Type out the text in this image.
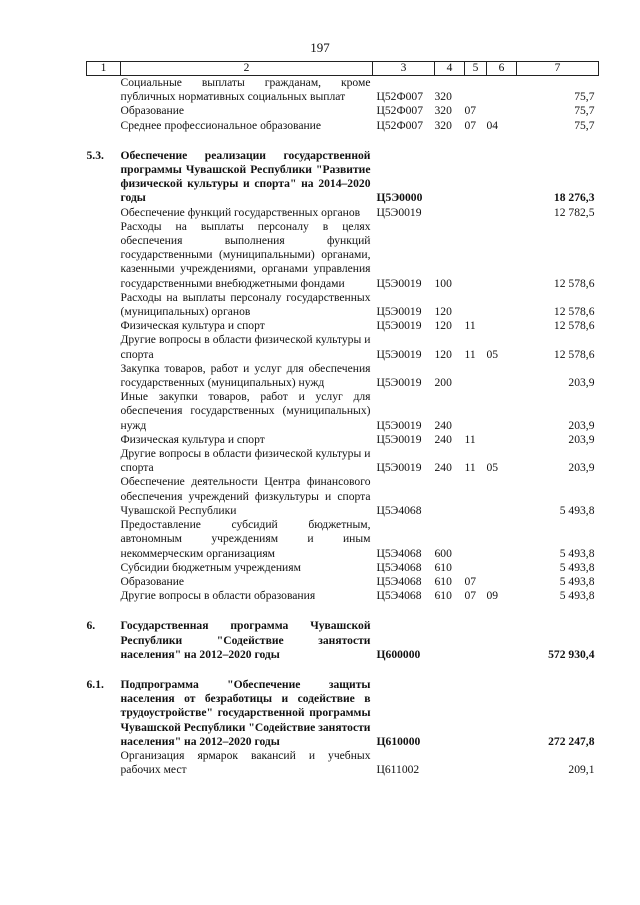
197
1	2	3	4	5	6	7
	Социальные выплаты гражданам, кроме публичных нормативных социальных выплат	Ц52Ф007	320			75,7
	Образование	Ц52Ф007	320	07		75,7
	Среднее профессиональное образование	Ц52Ф007	320	07	04	75,7

5.3.	Обеспечение реализации государственной программы Чувашской Республики "Развитие физической культуры и спорта" на 2014–2020 годы	Ц5Э0000				18 276,3
	Обеспечение функций государственных органов	Ц5Э0019				12 782,5
	Расходы на выплаты персоналу в целях обеспечения выполнения функций государственными (муниципальными) органами, казенными учреждениями, органами управления государственными внебюджетными фондами	Ц5Э0019	100			12 578,6
	Расходы на выплаты персоналу государственных (муниципальных) органов	Ц5Э0019	120			12 578,6
	Физическая культура и спорт	Ц5Э0019	120	11		12 578,6
	Другие вопросы в области физической культуры и спорта	Ц5Э0019	120	11	05	12 578,6
	Закупка товаров, работ и услуг для обеспечения государственных (муниципальных) нужд	Ц5Э0019	200			203,9
	Иные закупки товаров, работ и услуг для обеспечения государственных (муниципальных) нужд	Ц5Э0019	240			203,9
	Физическая культура и спорт	Ц5Э0019	240	11		203,9
	Другие вопросы в области физической культуры и спорта	Ц5Э0019	240	11	05	203,9
	Обеспечение деятельности Центра финансового обеспечения учреждений физкультуры и спорта Чувашской Республики	Ц5Э4068				5 493,8
	Предоставление субсидий бюджетным, автономным учреждениям и иным некоммерческим организациям	Ц5Э4068	600			5 493,8
	Субсидии бюджетным учреждениям	Ц5Э4068	610			5 493,8
	Образование	Ц5Э4068	610	07		5 493,8
	Другие вопросы в области образования	Ц5Э4068	610	07	09	5 493,8

6.	Государственная программа Чувашской Республики "Содействие занятости населения" на 2012–2020 годы	Ц600000				572 930,4

6.1.	Подпрограмма "Обеспечение защиты населения от безработицы и содействие в трудоустройстве" государственной программы Чувашской Республики "Содействие занятости населения" на 2012–2020 годы	Ц610000				272 247,8
	Организация ярмарок вакансий и учебных рабочих мест	Ц611002				209,1
